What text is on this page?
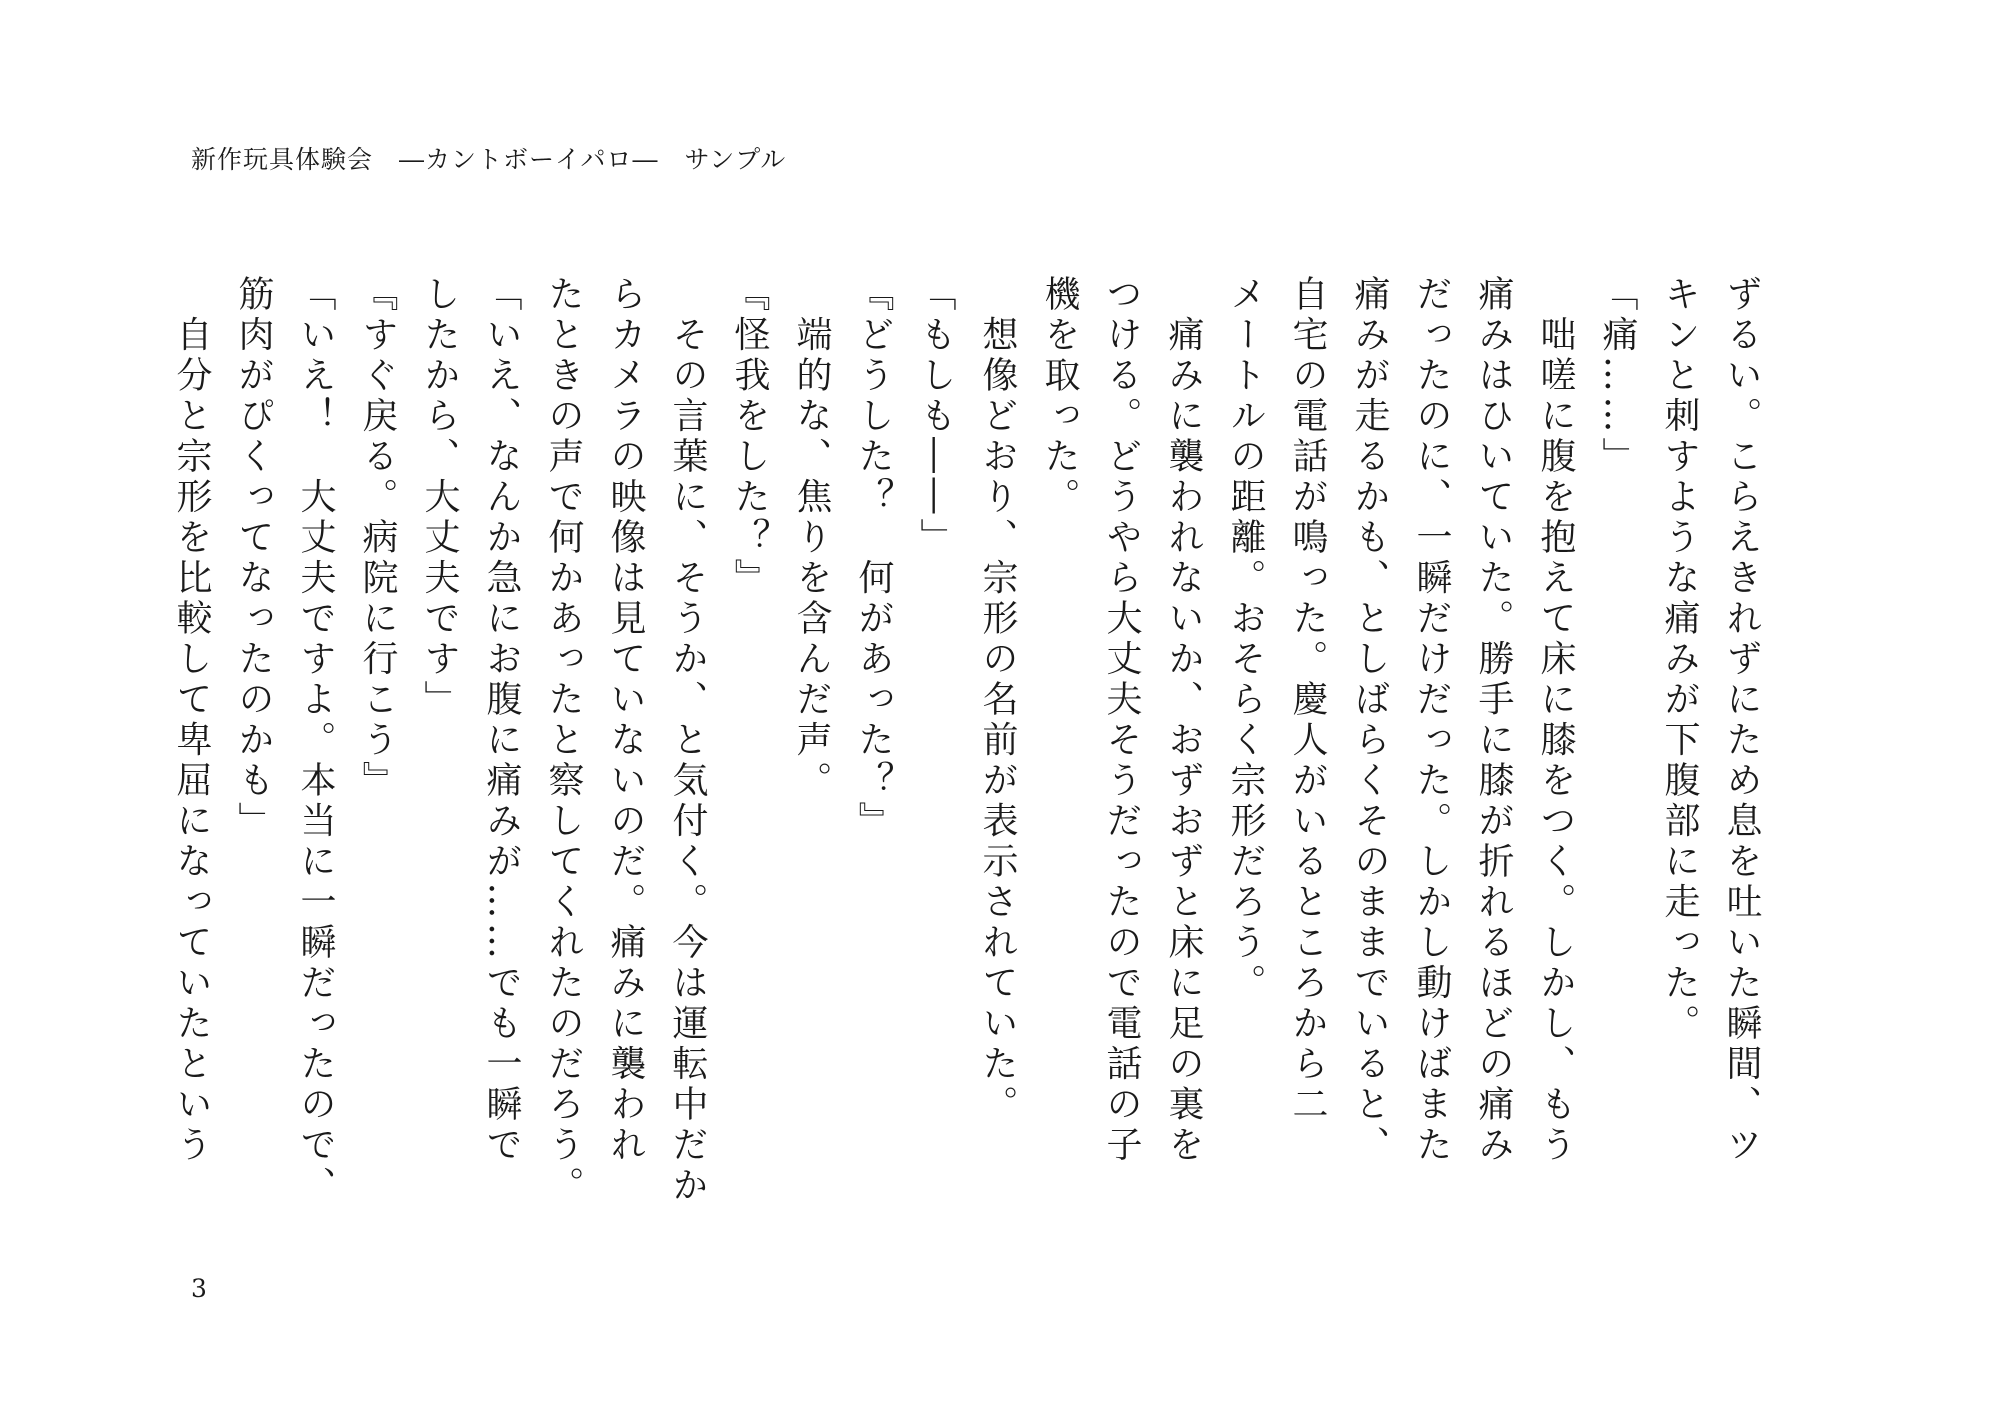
新作玩具体験会　―カントボーイパロ―　サンプル
ずるい。こらえきれずにため息を吐いた瞬間、ツ
キンと刺すような痛みが下腹部に走った。
「痛……」
　咄嗟に腹を抱えて床に膝をつく。しかし、もう
痛みはひいていた。勝手に膝が折れるほどの痛み
だったのに、一瞬だけだった。しかし動けばまた
痛みが走るかも、としばらくそのままでいると、
自宅の電話が鳴った。慶人がいるところから二
メートルの距離。おそらく宗形だろう。
　痛みに襲われないか、おずおずと床に足の裏を
つける。どうやら大丈夫そうだったので電話の子
機を取った。
　想像どおり、宗形の名前が表示されていた。
「もしも――」
『どうした？　何があった？』
　端的な、焦りを含んだ声。
『怪我をした？』
　その言葉に、そうか、と気付く。今は運転中だか
らカメラの映像は見ていないのだ。痛みに襲われ
たときの声で何かあったと察してくれたのだろう。
「いえ、なんか急にお腹に痛みが……でも一瞬で
したから、大丈夫です」
『すぐ戻る。病院に行こう』
「いえ！　大丈夫ですよ。本当に一瞬だったので、
筋肉がぴくってなったのかも」
　自分と宗形を比較して卑屈になっていたという
3
